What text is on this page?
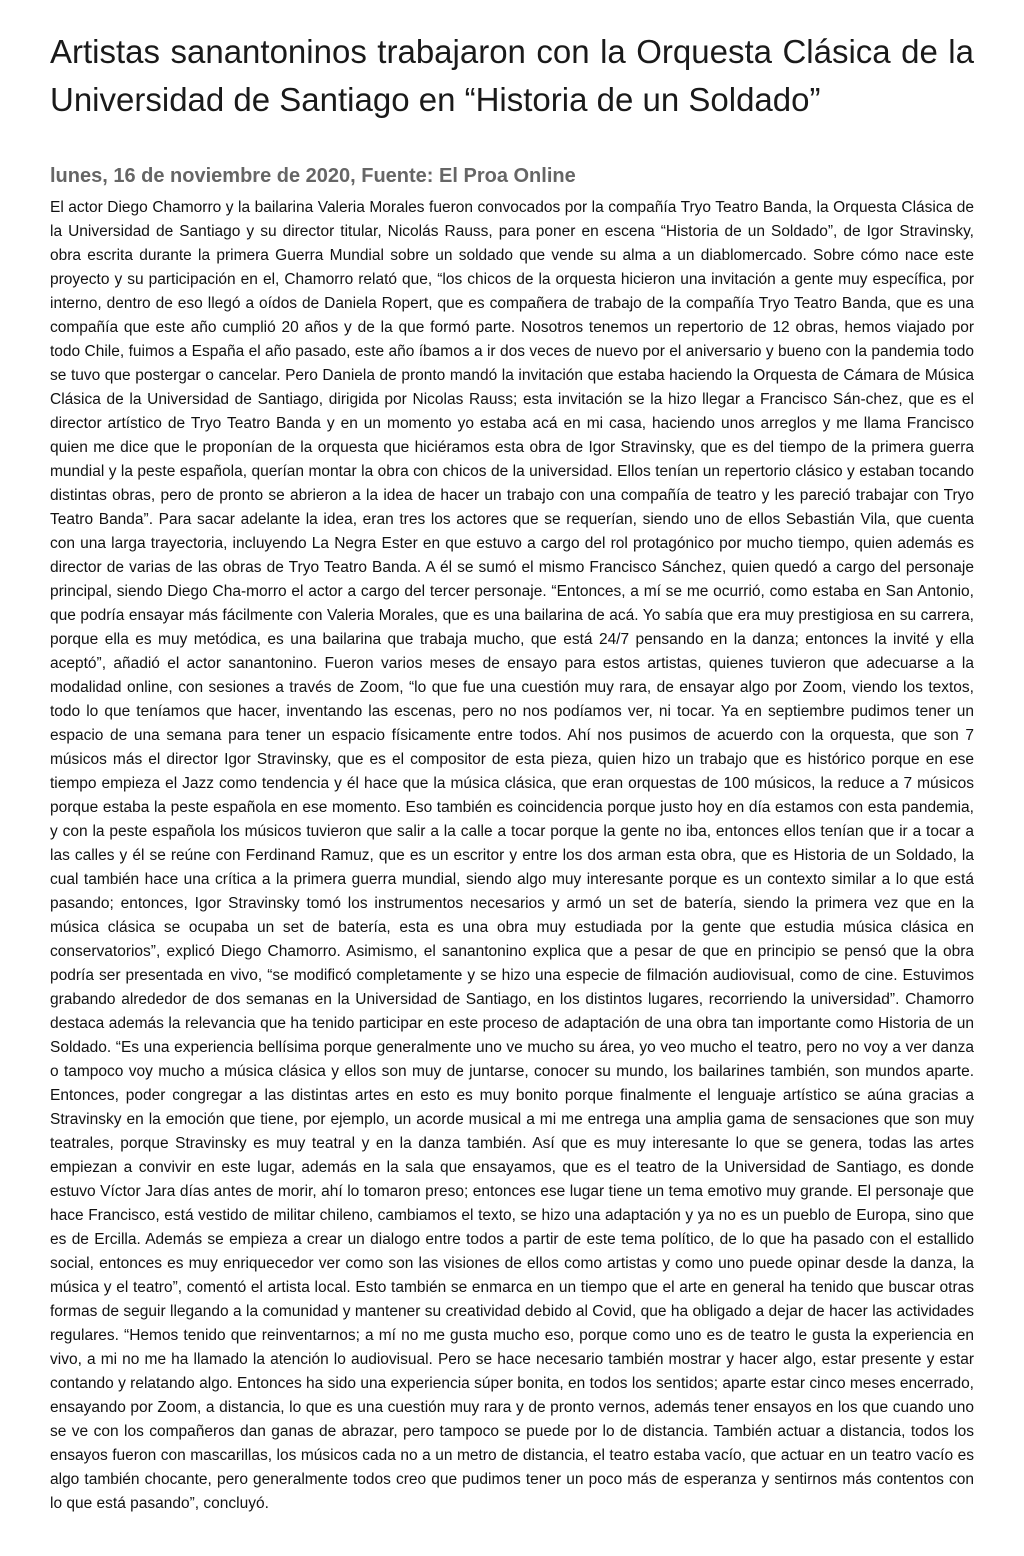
Artistas sanantoninos trabajaron con la Orquesta Clásica de la Universidad de Santiago en “Historia de un Soldado”
lunes, 16 de noviembre de 2020, Fuente: El Proa Online

El actor Diego Chamorro y la bailarina Valeria Morales fueron convocados por la compañía Tryo Teatro Banda, la Orquesta Clásica de la Universidad de Santiago y su director titular, Nicolás Rauss, para poner en escena “Historia de un Soldado”, de Igor Stravinsky, obra escrita durante la primera Guerra Mundial sobre un soldado que vende su alma a un diablomercado. Sobre cómo nace este proyecto y su participación en el, Chamorro relató que, “los chicos de la orquesta hicieron una invitación a gente muy específica, por interno, dentro de eso llegó a oídos de Daniela Ropert, que es compañera de trabajo de la compañía Tryo Teatro Banda, que es una compañía que este año cumplió 20 años y de la que formó parte. Nosotros tenemos un repertorio de 12 obras, hemos viajado por todo Chile, fuimos a España el año pasado, este año íbamos a ir dos veces de nuevo por el aniversario y bueno con la pandemia todo se tuvo que postergar o cancelar. Pero Daniela de pronto mandó la invitación que estaba haciendo la Orquesta de Cámara de Música Clásica de la Universidad de Santiago, dirigida por Nicolas Rauss; esta invitación se la hizo llegar a Francisco Sán-chez, que es el director artístico de Tryo Teatro Banda y en un momento yo estaba acá en mi casa, haciendo unos arreglos y me llama Francisco quien me dice que le proponían de la orquesta que hiciéramos esta obra de Igor Stravinsky, que es del tiempo de la primera guerra mundial y la peste española, querían montar la obra con chicos de la universidad. Ellos tenían un repertorio clásico y estaban tocando distintas obras, pero de pronto se abrieron a la idea de hacer un trabajo con una compañía de teatro y les pareció trabajar con Tryo Teatro Banda”. Para sacar adelante la idea, eran tres los actores que se requerían, siendo uno de ellos Sebastián Vila, que cuenta con una larga trayectoria, incluyendo La Negra Ester en que estuvo a cargo del rol protagónico por mucho tiempo, quien además es director de varias de las obras de Tryo Teatro Banda. A él se sumó el mismo Francisco Sánchez, quien quedó a cargo del personaje principal, siendo Diego Cha-morro el actor a cargo del tercer personaje. “Entonces, a mí se me ocurrió, como estaba en San Antonio, que podría ensayar más fácilmente con Valeria Morales, que es una bailarina de acá. Yo sabía que era muy prestigiosa en su carrera, porque ella es muy metódica, es una bailarina que trabaja mucho, que está 24/7 pensando en la danza; entonces la invité y ella aceptó”, añadió el actor sanantonino. Fueron varios meses de ensayo para estos artistas, quienes tuvieron que adecuarse a la modalidad online, con sesiones a través de Zoom, “lo que fue una cuestión muy rara, de ensayar algo por Zoom, viendo los textos, todo lo que teníamos que hacer, inventando las escenas, pero no nos podíamos ver, ni tocar. Ya en septiembre pudimos tener un espacio de una semana para tener un espacio físicamente entre todos. Ahí nos pusimos de acuerdo con la orquesta, que son 7 músicos más el director Igor Stravinsky, que es el compositor de esta pieza, quien hizo un trabajo que es histórico porque en ese tiempo empieza el Jazz como tendencia y él hace que la música clásica, que eran orquestas de 100 músicos, la reduce a 7 músicos porque estaba la peste española en ese momento. Eso también es coincidencia porque justo hoy en día estamos con esta pandemia, y con la peste española los músicos tuvieron que salir a la calle a tocar porque la gente no iba, entonces ellos tenían que ir a tocar a las calles y él se reúne con Ferdinand Ramuz, que es un escritor y entre los dos arman esta obra, que es Historia de un Soldado, la cual también hace una crítica a la primera guerra mundial, siendo algo muy interesante porque es un contexto similar a lo que está pasando; entonces, Igor Stravinsky tomó los instrumentos necesarios y armó un set de batería, siendo la primera vez que en la música clásica se ocupaba un set de batería, esta es una obra muy estudiada por la gente que estudia música clásica en conservatorios”, explicó Diego Chamorro. Asimismo, el sanantonino explica que a pesar de que en principio se pensó que la obra podría ser presentada en vivo, “se modificó completamente y se hizo una especie de filmación audiovisual, como de cine. Estuvimos grabando alrededor de dos semanas en la Universidad de Santiago, en los distintos lugares, recorriendo la universidad”. Chamorro destaca además la relevancia que ha tenido participar en este proceso de adaptación de una obra tan importante como Historia de un Soldado. “Es una experiencia bellísima porque generalmente uno ve mucho su área, yo veo mucho el teatro, pero no voy a ver danza o tampoco voy mucho a música clásica y ellos son muy de juntarse, conocer su mundo, los bailarines también, son mundos aparte. Entonces, poder congregar a las distintas artes en esto es muy bonito porque finalmente el lenguaje artístico se aúna gracias a Stravinsky en la emoción que tiene, por ejemplo, un acorde musical a mi me entrega una amplia gama de sensaciones que son muy teatrales, porque Stravinsky es muy teatral y en la danza también. Así que es muy interesante lo que se genera, todas las artes empiezan a convivir en este lugar, además en la sala que ensayamos, que es el teatro de la Universidad de Santiago, es donde estuvo Víctor Jara días antes de morir, ahí lo tomaron preso; entonces ese lugar tiene un tema emotivo muy grande. El personaje que hace Francisco, está vestido de militar chileno, cambiamos el texto, se hizo una adaptación y ya no es un pueblo de Europa, sino que es de Ercilla. Además se empieza a crear un dialogo entre todos a partir de este tema político, de lo que ha pasado con el estallido social, entonces es muy enriquecedor ver como son las visiones de ellos como artistas y como uno puede opinar desde la danza, la música y el teatro”, comentó el artista local. Esto también se enmarca en un tiempo que el arte en general ha tenido que buscar otras formas de seguir llegando a la comunidad y mantener su creatividad debido al Covid, que ha obligado a dejar de hacer las actividades regulares. “Hemos tenido que reinventarnos; a mí no me gusta mucho eso, porque como uno es de teatro le gusta la experiencia en vivo, a mi no me ha llamado la atención lo audiovisual. Pero se hace necesario también mostrar y hacer algo, estar presente y estar contando y relatando algo. Entonces ha sido una experiencia súper bonita, en todos los sentidos; aparte estar cinco meses encerrado, ensayando por Zoom, a distancia, lo que es una cuestión muy rara y de pronto vernos, además tener ensayos en los que cuando uno se ve con los compañeros dan ganas de abrazar, pero tampoco se puede por lo de distancia. También actuar a distancia, todos los ensayos fueron con mascarillas, los músicos cada no a un metro de distancia, el teatro estaba vacío, que actuar en un teatro vacío es algo también chocante, pero generalmente todos creo que pudimos tener un poco más de esperanza y sentirnos más contentos con lo que está pasando”, concluyó.
